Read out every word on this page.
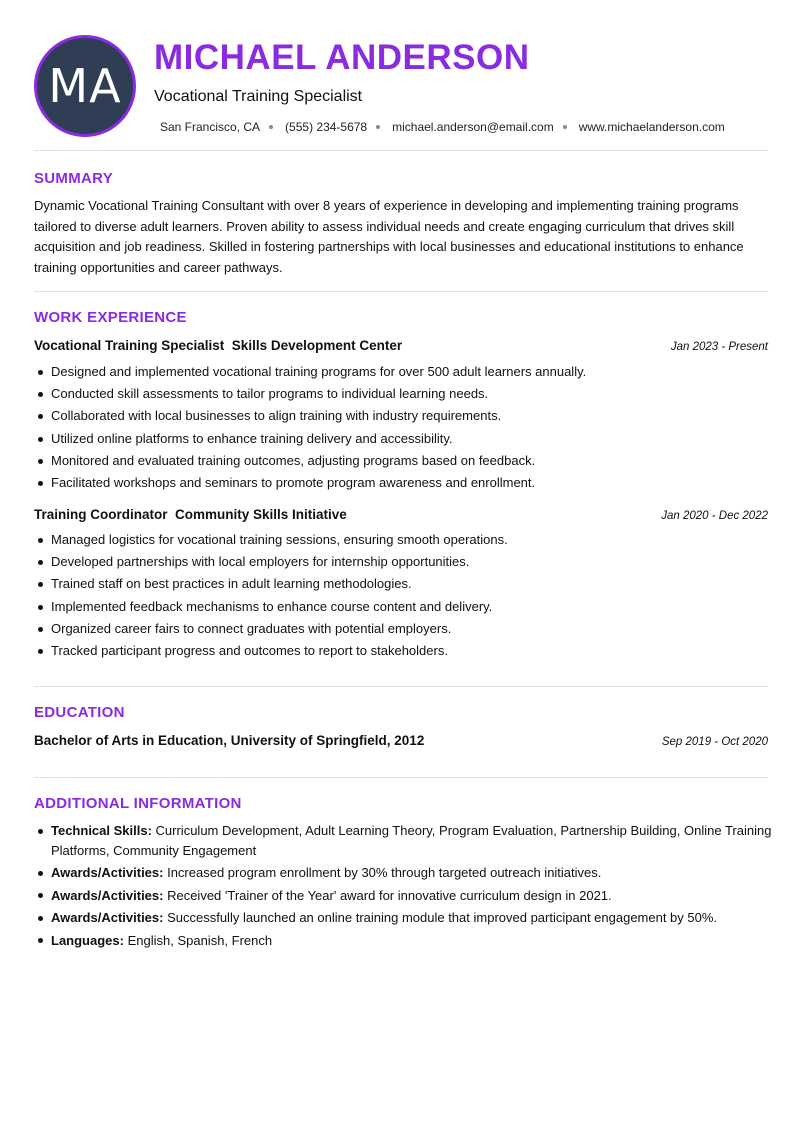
MA
MICHAEL ANDERSON
Vocational Training Specialist
San Francisco, CA (555) 234-5678 michael.anderson@email.com www.michaelanderson.com
SUMMARY
Dynamic Vocational Training Consultant with over 8 years of experience in developing and implementing training programs tailored to diverse adult learners. Proven ability to assess individual needs and create engaging curriculum that drives skill acquisition and job readiness. Skilled in fostering partnerships with local businesses and educational institutions to enhance training opportunities and career pathways.
WORK EXPERIENCE
Vocational Training Specialist  Skills Development Center	Jan 2023 - Present
Designed and implemented vocational training programs for over 500 adult learners annually.
Conducted skill assessments to tailor programs to individual learning needs.
Collaborated with local businesses to align training with industry requirements.
Utilized online platforms to enhance training delivery and accessibility.
Monitored and evaluated training outcomes, adjusting programs based on feedback.
Facilitated workshops and seminars to promote program awareness and enrollment.
Training Coordinator  Community Skills Initiative	Jan 2020 - Dec 2022
Managed logistics for vocational training sessions, ensuring smooth operations.
Developed partnerships with local employers for internship opportunities.
Trained staff on best practices in adult learning methodologies.
Implemented feedback mechanisms to enhance course content and delivery.
Organized career fairs to connect graduates with potential employers.
Tracked participant progress and outcomes to report to stakeholders.
EDUCATION
Bachelor of Arts in Education, University of Springfield, 2012	Sep 2019 - Oct 2020
ADDITIONAL INFORMATION
Technical Skills: Curriculum Development, Adult Learning Theory, Program Evaluation, Partnership Building, Online Training Platforms, Community Engagement
Awards/Activities: Increased program enrollment by 30% through targeted outreach initiatives.
Awards/Activities: Received 'Trainer of the Year' award for innovative curriculum design in 2021.
Awards/Activities: Successfully launched an online training module that improved participant engagement by 50%.
Languages: English, Spanish, French
